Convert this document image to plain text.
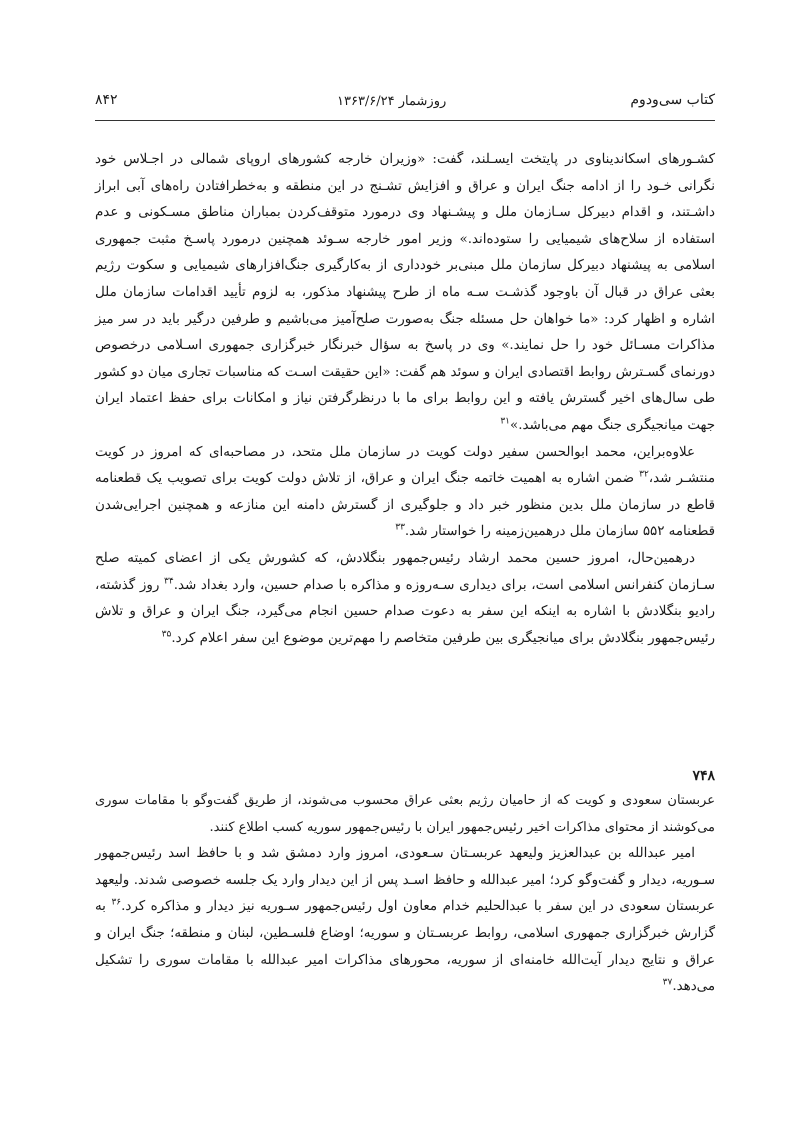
۸۴۲	روزشمار ۱۳۶۳/۶/۲۴	کتاب سی‌ودوم

کشـورهای اسکاندیناوی در پایتخت ایسـلند، گفت: «وزیران خارجه کشورهای اروپای شمالی در اجـلاس خود نگرانی خـود را از ادامه جنگ ایران و عراق و افزایش تشـنج در این منطقه و به‌خطرافتادن راه‌های آبی ابراز داشـتند، و اقدام دبیرکل سـازمان ملل و پیشـنهاد وی درمورد متوقف‌کردن بمباران مناطق مسـکونی و عدم استفاده از سلاح‌های شیمیایی را ستوده‌اند.» وزیر امور خارجه سـوئد همچنین درمورد پاسـخ مثبت جمهوری اسلامی به پیشنهاد دبیرکل سازمان ملل مبنی‌بر خودداری از به‌کارگیری جنگ‌افزارهای شیمیایی و سکوت رژیم بعثی عراق در قبال آن باوجود گذشـت سـه ماه از طرح پیشنهاد مذکور، به لزوم تأیید اقدامات سازمان ملل اشاره و اظهار کرد: «ما خواهان حل مسئله جنگ به‌صورت صلح‌آمیز می‌باشیم و طرفین درگیر باید در سر میز مذاکرات مسـائل خود را حل نمایند.» وی در پاسخ به سؤال خبرنگار خبرگزاری جمهوری اسـلامی درخصوص دورنمای گسـترش روابط اقتصادی ایران و سوئد هم گفت: «این حقیقت اسـت که مناسبات تجاری میان دو کشور طی سال‌های اخیر گسترش یافته و این روابط برای ما با درنظرگرفتن نیاز و امکانات برای حفظ اعتماد ایران جهت میانجیگری جنگ مهم می‌باشد.»$^{۳۱}$

علاوه‌براین، محمد ابوالحسن سفیر دولت کویت در سازمان ملل متحد، در مصاحبه‌ای که امروز در کویت منتشـر شد،$^{۳۲}$ ضمن اشاره به اهمیت خاتمه جنگ ایران و عراق، از تلاش دولت کویت برای تصویب یک قطعنامه قاطع در سازمان ملل بدین منظور خبر داد و جلوگیری از گسترش دامنه این منازعه و همچنین اجرایی‌شدن قطعنامه ۵۵۲ سازمان ملل درهمین‌زمینه را خواستار شد.$^{۳۳}$

درهمین‌حال، امروز حسین محمد ارشاد رئیس‌جمهور بنگلادش، که کشورش یکی از اعضای کمیته صلح سـازمان کنفرانس اسلامی است، برای دیداری سـه‌روزه و مذاکره با صدام حسین، وارد بغداد شد.$^{۳۴}$ روز گذشته، رادیو بنگلادش با اشاره به اینکه این سفر به دعوت صدام حسین انجام می‌گیرد، جنگ ایران و عراق و تلاش رئیس‌جمهور بنگلادش برای میانجیگری بین طرفین متخاصم را مهم‌ترین موضوع این سفر اعلام کرد.$^{۳۵}$

۷۴۸

عربستان سعودی و کویت که از حامیان رژیم بعثی عراق محسوب می‌شوند، از طریق گفت‌وگو با مقامات سوری می‌کوشند از محتوای مذاکرات اخیر رئیس‌جمهور ایران با رئیس‌جمهور سوریه کسب اطلاع کنند.

امیر عبدالله بن عبدالعزیز ولیعهد عربسـتان سـعودی، امروز وارد دمشق شد و با حافظ اسد رئیس‌جمهور سـوریه، دیدار و گفت‌وگو کرد؛ امیر عبدالله و حافظ اسـد پس از این دیدار وارد یک جلسه خصوصی شدند. ولیعهد عربستان سعودی در این سفر با عبدالحلیم خدام معاون اول رئیس‌جمهور سـوریه نیز دیدار و مذاکره کرد.$^{۳۶}$ به گزارش خبرگزاری جمهوری اسلامی، روابط عربسـتان و سوریه؛ اوضاع فلسـطین، لبنان و منطقه؛ جنگ ایران و عراق و نتایج دیدار آیت‌الله خامنه‌ای از سوریه، محورهای مذاکرات امیر عبدالله با مقامات سوری را تشکیل می‌دهد.$^{۳۷}$
